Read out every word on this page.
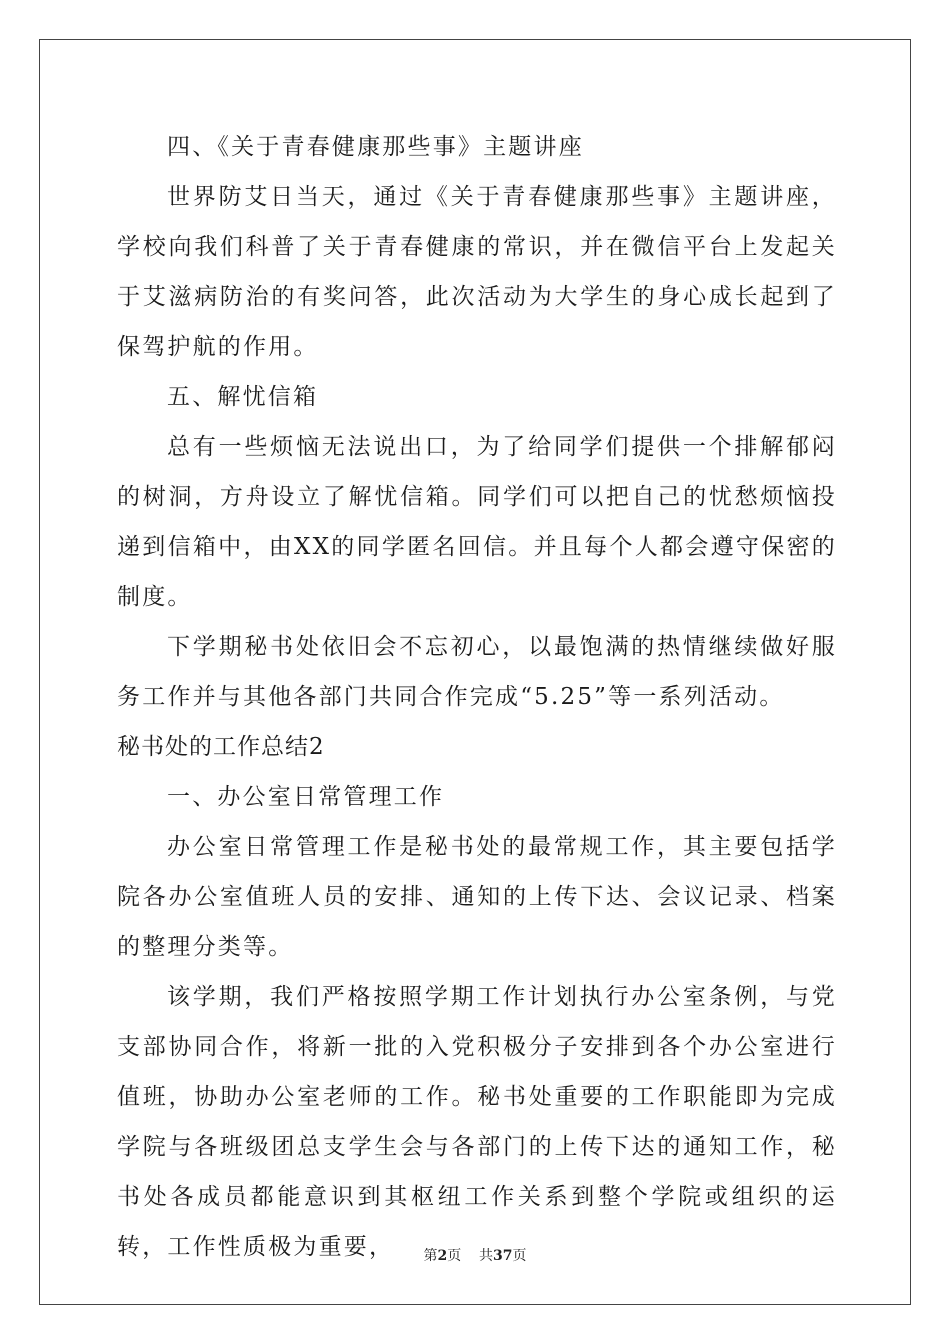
四、《关于青春健康那些事》主题讲座

世界防艾日当天，通过《关于青春健康那些事》主题讲座，学校向我们科普了关于青春健康的常识，并在微信平台上发起关于艾滋病防治的有奖问答，此次活动为大学生的身心成长起到了保驾护航的作用。

五、解忧信箱

总有一些烦恼无法说出口，为了给同学们提供一个排解郁闷的树洞，方舟设立了解忧信箱。同学们可以把自己的忧愁烦恼投递到信箱中，由XX的同学匿名回信。并且每个人都会遵守保密的制度。

下学期秘书处依旧会不忘初心，以最饱满的热情继续做好服务工作并与其他各部门共同合作完成“5.25”等一系列活动。

秘书处的工作总结2

一、办公室日常管理工作

办公室日常管理工作是秘书处的最常规工作，其主要包括学院各办公室值班人员的安排、通知的上传下达、会议记录、档案的整理分类等。

该学期，我们严格按照学期工作计划执行办公室条例，与党支部协同合作，将新一批的入党积极分子安排到各个办公室进行值班，协助办公室老师的工作。秘书处重要的工作职能即为完成学院与各班级团总支学生会与各部门的上传下达的通知工作，秘书处各成员都能意识到其枢纽工作关系到整个学院或组织的运转，工作性质极为重要，	第2页 共37页
